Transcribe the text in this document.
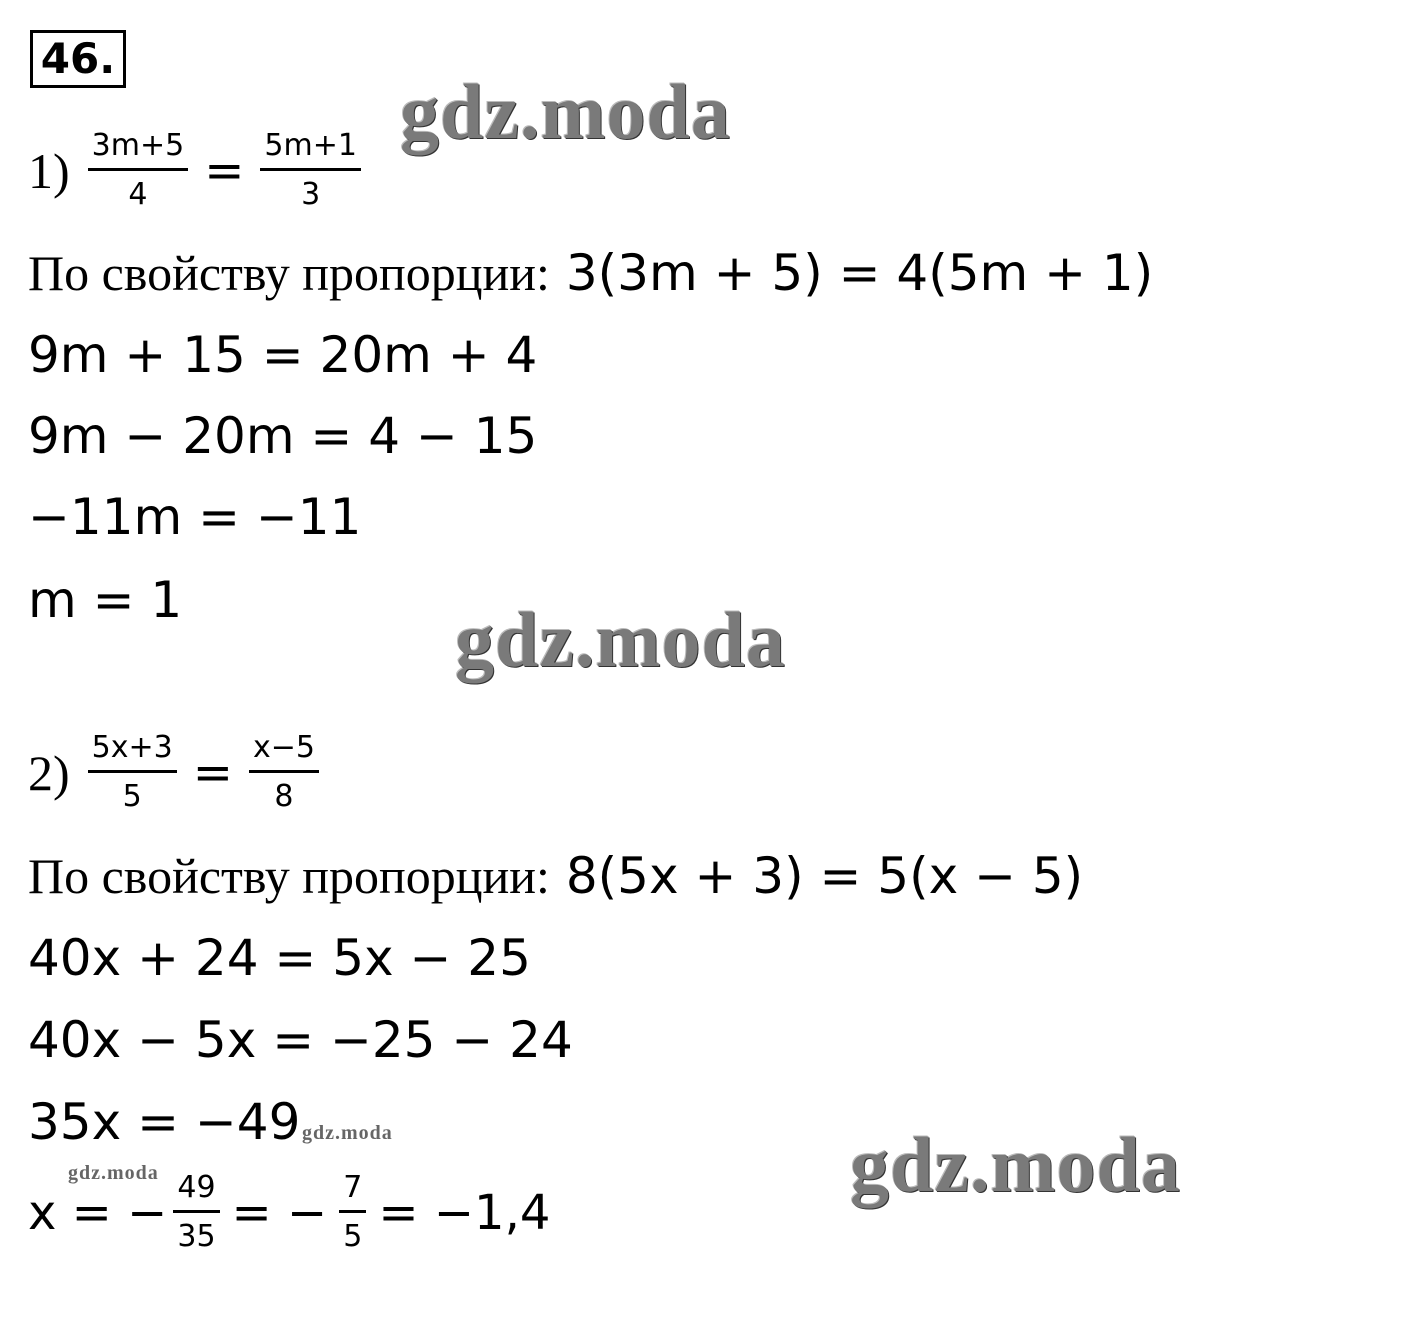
46.
$1) \frac{3m+5}{4} = \frac{5m+1}{3}$
По свойству пропорции: 3(3m + 5) = 4(5m + 1)
9m + 15 = 20m + 4
9m − 20m = 4 − 15
−11m = −11
m = 1
$2) \frac{5x+3}{5} = \frac{x-5}{8}$
По свойству пропорции: 8(5x + 3) = 5(x − 5)
40x + 24 = 5x − 25
40x − 5x = −25 − 24
35x = −49
x = − $\frac{49}{35}$ = − $\frac{7}{5} = -1,4$
gdz.moda
gdz.moda
gdz.moda
gdz.moda
gdz.moda
